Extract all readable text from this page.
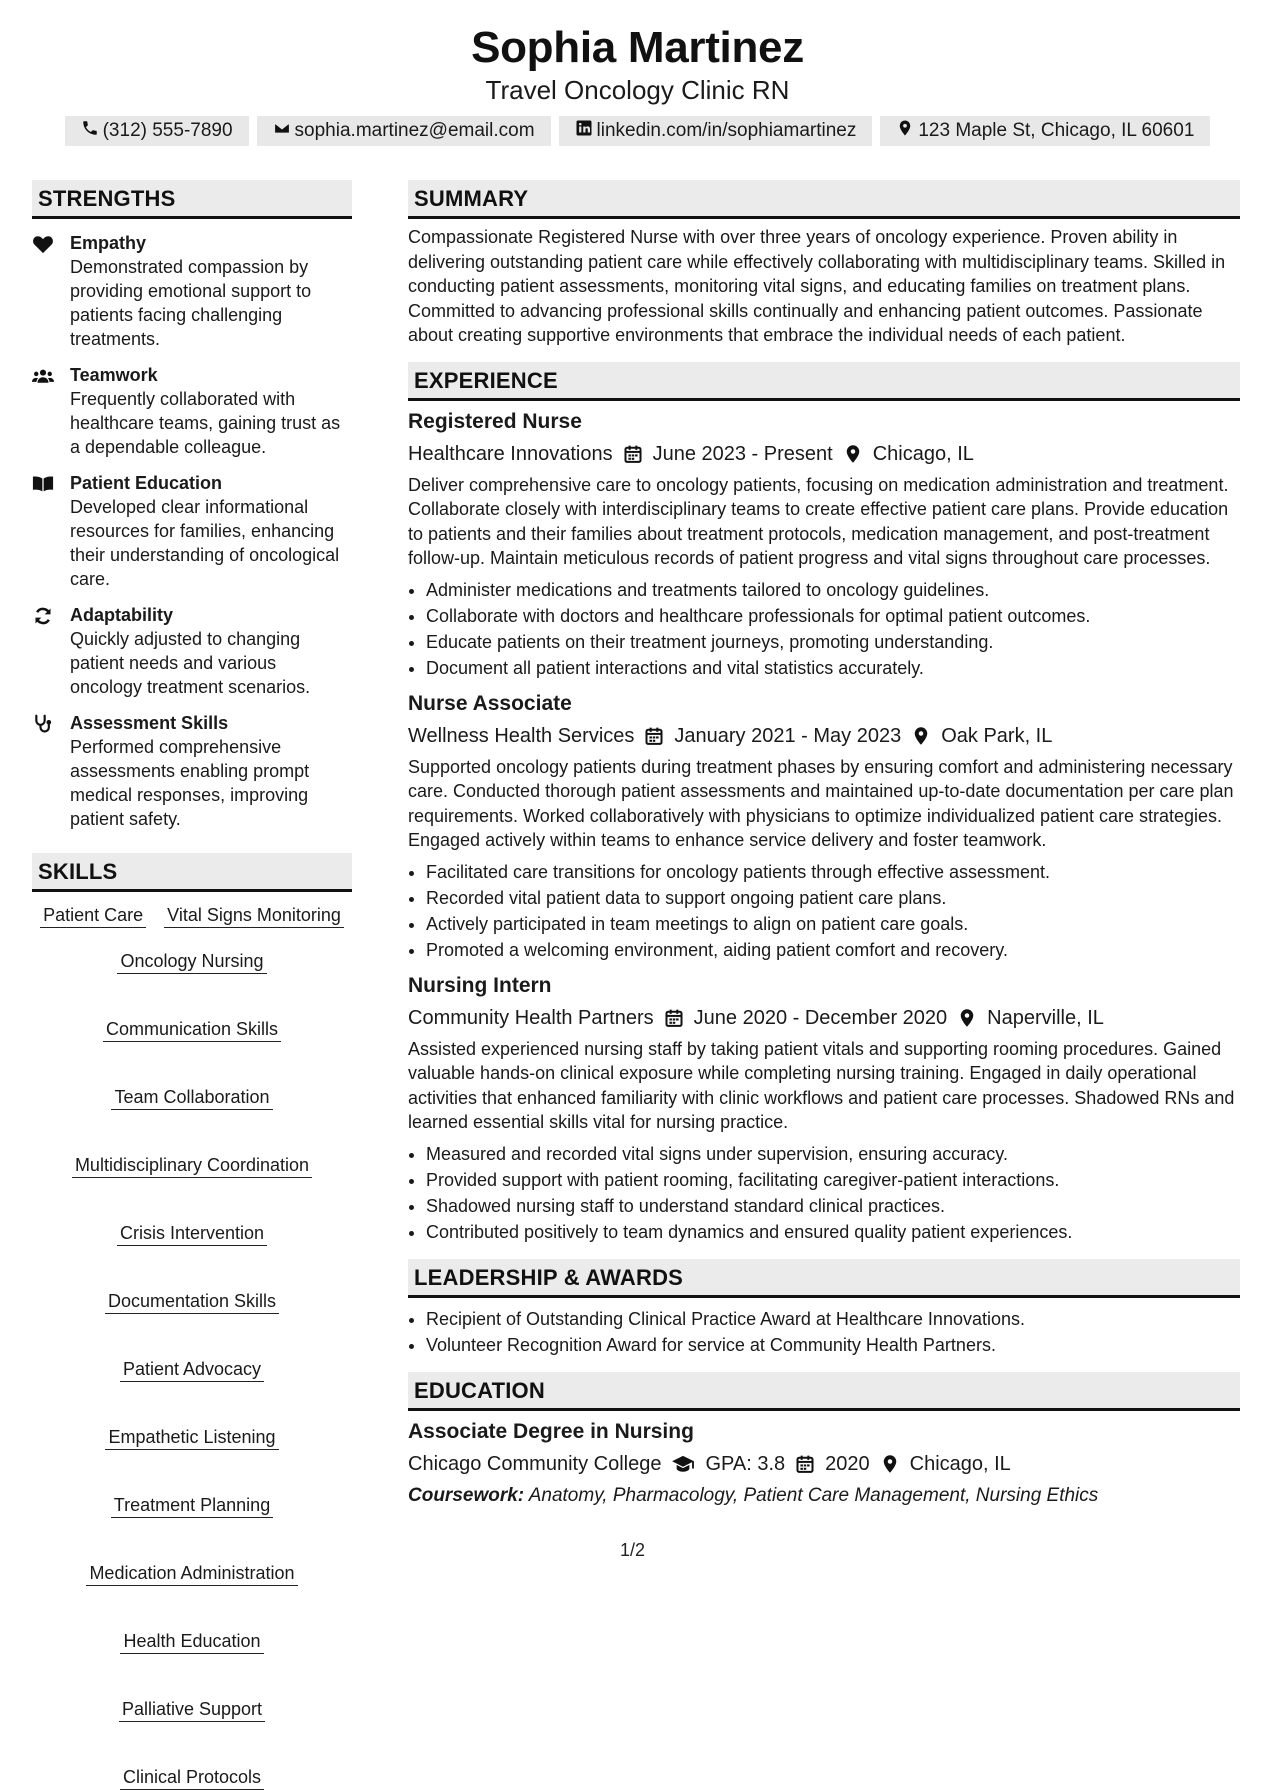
Sophia Martinez
Travel Oncology Clinic RN
(312) 555-7890	sophia.martinez@email.com	linkedin.com/in/sophiamartinez	123 Maple St, Chicago, IL 60601
STRENGTHS
Empathy
Demonstrated compassion by providing emotional support to patients facing challenging treatments.
Teamwork
Frequently collaborated with healthcare teams, gaining trust as a dependable colleague.
Patient Education
Developed clear informational resources for families, enhancing their understanding of oncological care.
Adaptability
Quickly adjusted to changing patient needs and various oncology treatment scenarios.
Assessment Skills
Performed comprehensive assessments enabling prompt medical responses, improving patient safety.
SKILLS
Patient Care Vital Signs Monitoring
Oncology Nursing
Communication Skills
Team Collaboration
Multidisciplinary Coordination
Crisis Intervention
Documentation Skills
Patient Advocacy
Empathetic Listening
Treatment Planning
Medication Administration
Health Education
Palliative Support
Clinical Protocols
SUMMARY
Compassionate Registered Nurse with over three years of oncology experience. Proven ability in delivering outstanding patient care while effectively collaborating with multidisciplinary teams. Skilled in conducting patient assessments, monitoring vital signs, and educating families on treatment plans. Committed to advancing professional skills continually and enhancing patient outcomes. Passionate about creating supportive environments that embrace the individual needs of each patient.
EXPERIENCE
Registered Nurse
Healthcare Innovations June 2023 - Present Chicago, IL
Deliver comprehensive care to oncology patients, focusing on medication administration and treatment. Collaborate closely with interdisciplinary teams to create effective patient care plans. Provide education to patients and their families about treatment protocols, medication management, and post-treatment follow-up. Maintain meticulous records of patient progress and vital signs throughout care processes.
• Administer medications and treatments tailored to oncology guidelines.
• Collaborate with doctors and healthcare professionals for optimal patient outcomes.
• Educate patients on their treatment journeys, promoting understanding.
• Document all patient interactions and vital statistics accurately.
Nurse Associate
Wellness Health Services January 2021 - May 2023 Oak Park, IL
Supported oncology patients during treatment phases by ensuring comfort and administering necessary care. Conducted thorough patient assessments and maintained up-to-date documentation per care plan requirements. Worked collaboratively with physicians to optimize individualized patient care strategies. Engaged actively within teams to enhance service delivery and foster teamwork.
• Facilitated care transitions for oncology patients through effective assessment.
• Recorded vital patient data to support ongoing patient care plans.
• Actively participated in team meetings to align on patient care goals.
• Promoted a welcoming environment, aiding patient comfort and recovery.
Nursing Intern
Community Health Partners June 2020 - December 2020 Naperville, IL
Assisted experienced nursing staff by taking patient vitals and supporting rooming procedures. Gained valuable hands-on clinical exposure while completing nursing training. Engaged in daily operational activities that enhanced familiarity with clinic workflows and patient care processes. Shadowed RNs and learned essential skills vital for nursing practice.
• Measured and recorded vital signs under supervision, ensuring accuracy.
• Provided support with patient rooming, facilitating caregiver-patient interactions.
• Shadowed nursing staff to understand standard clinical practices.
• Contributed positively to team dynamics and ensured quality patient experiences.
LEADERSHIP & AWARDS
• Recipient of Outstanding Clinical Practice Award at Healthcare Innovations.
• Volunteer Recognition Award for service at Community Health Partners.
EDUCATION
Associate Degree in Nursing
Chicago Community College GPA: 3.8 2020 Chicago, IL
Coursework: Anatomy, Pharmacology, Patient Care Management, Nursing Ethics
1/2
